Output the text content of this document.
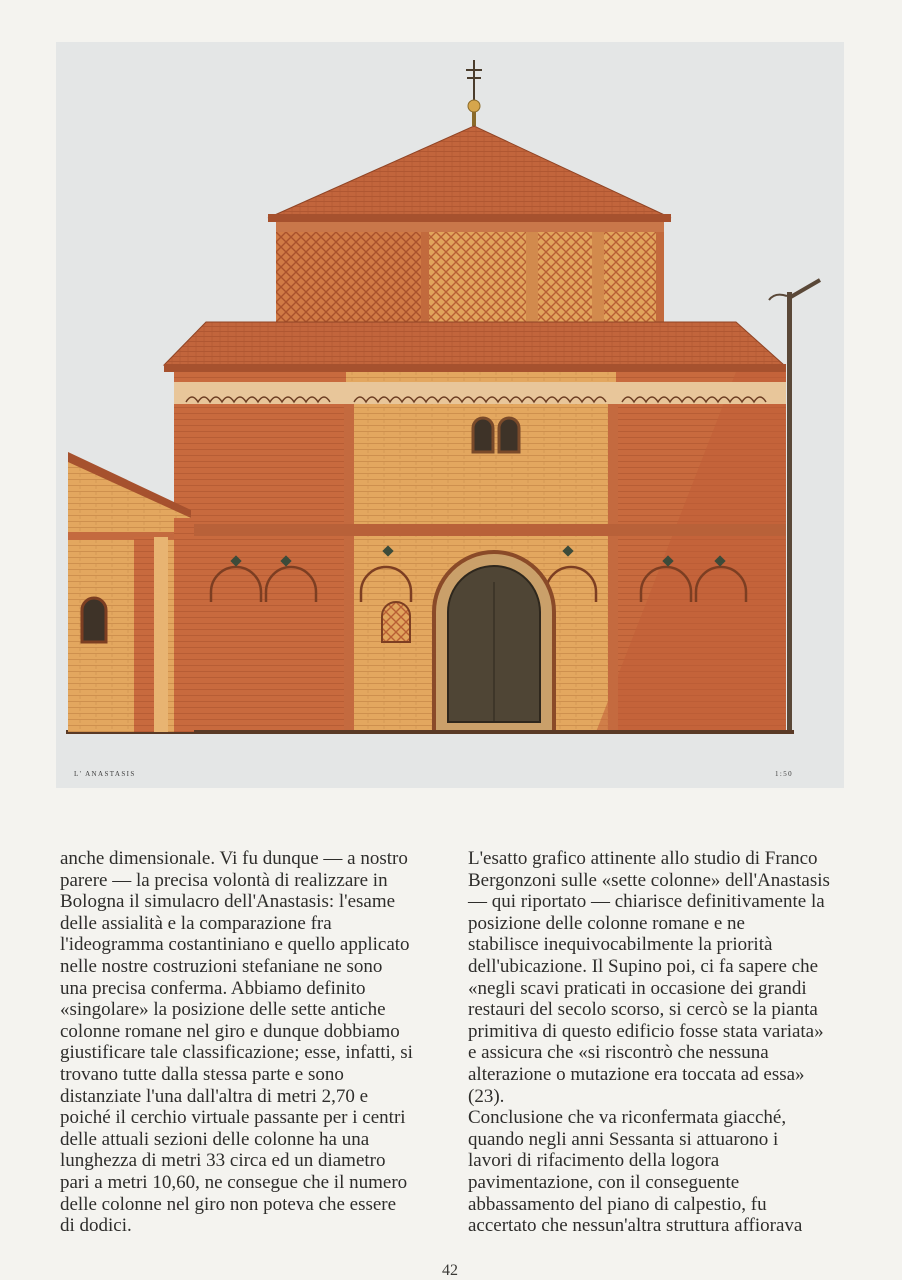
L' ANASTASIS	1:50

anche dimensionale. Vi fu dunque — a nostro
parere — la precisa volontà di realizzare in
Bologna il simulacro dell'Anastasis: l'esame
delle assialità e la comparazione fra
l'ideogramma costantiniano e quello applicato
nelle nostre costruzioni stefaniane ne sono
una precisa conferma. Abbiamo definito
«singolare» la posizione delle sette antiche
colonne romane nel giro e dunque dobbiamo
giustificare tale classificazione; esse, infatti, si
trovano tutte dalla stessa parte e sono
distanziate l'una dall'altra di metri 2,70 e
poiché il cerchio virtuale passante per i centri
delle attuali sezioni delle colonne ha una
lunghezza di metri 33 circa ed un diametro
pari a metri 10,60, ne consegue che il numero
delle colonne nel giro non poteva che essere
di dodici.

L'esatto grafico attinente allo studio di Franco
Bergonzoni sulle «sette colonne» dell'Anastasis
— qui riportato — chiarisce definitivamente la
posizione delle colonne romane e ne
stabilisce inequivocabilmente la priorità
dell'ubicazione. Il Supino poi, ci fa sapere che
«negli scavi praticati in occasione dei grandi
restauri del secolo scorso, si cercò se la pianta
primitiva di questo edificio fosse stata variata»
e assicura che «si riscontrò che nessuna
alterazione o mutazione era toccata ad essa»
(23).

Conclusione che va riconfermata giacché,
quando negli anni Sessanta si attuarono i
lavori di rifacimento della logora
pavimentazione, con il conseguente
abbassamento del piano di calpestio, fu
accertato che nessun'altra struttura affiorava

42
